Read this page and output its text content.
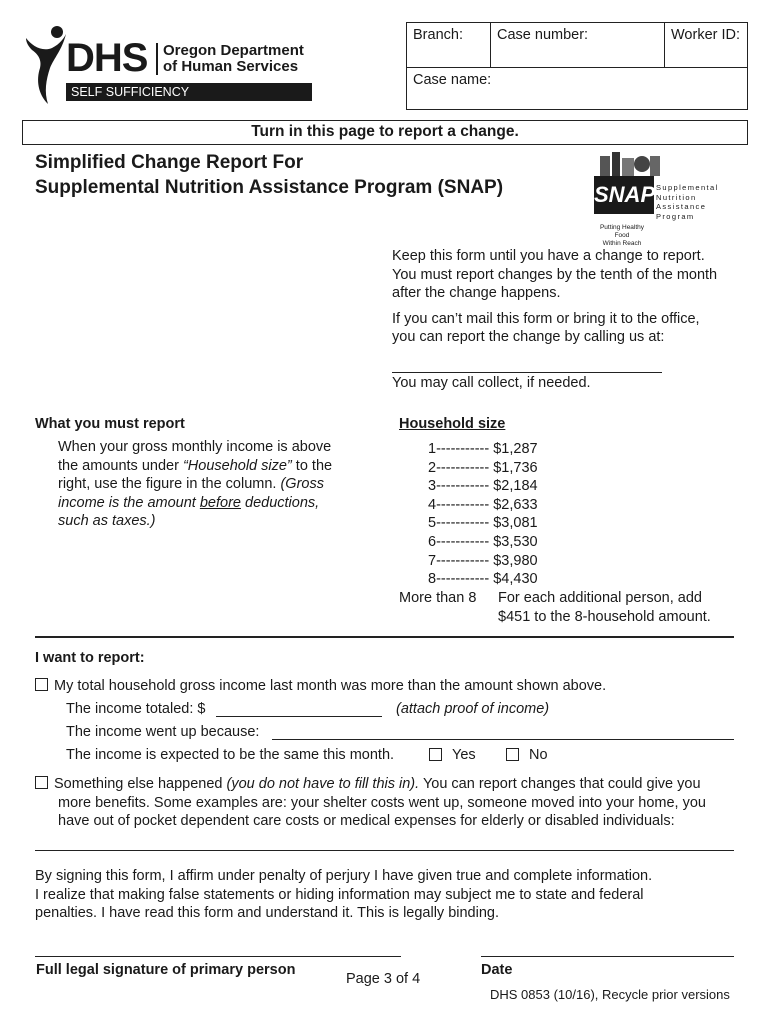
DHS Oregon Department
of Human Services
SELF SUFFICIENCY
Branch:	Case number:	Worker ID:
Case name:
Turn in this page to report a change.
Simplified Change Report For
Supplemental Nutrition Assistance Program (SNAP)	SNAP Supplemental
Nutrition
Assistance
Program
Putting Healthy Food
Within Reach
Keep this form until you have a change to report.
You must report changes by the tenth of the month
after the change happens.
If you can’t mail this form or bring it to the office,
you can report the change by calling us at:
You may call collect, if needed.
What you must report
When your gross monthly income is above
the amounts under “Household size” to the
right, use the figure in the column. (Gross
income is the amount before deductions,
such as taxes.)
Household size
1----------- $1,287
2----------- $1,736
3----------- $2,184
4----------- $2,633
5----------- $3,081
6----------- $3,530
7----------- $3,980
8----------- $4,430
More than 8 For each additional person, add
$451 to the 8-household amount.
I want to report:
My total household gross income last month was more than the amount shown above.
The income totaled: $	(attach proof of income)
The income went up because:
The income is expected to be the same this month.	Yes	No
Something else happened (you do not have to fill this in). You can report changes that could give you
more benefits. Some examples are: your shelter costs went up, someone moved into your home, you
have out of pocket dependent care costs or medical expenses for elderly or disabled individuals:
By signing this form, I affirm under penalty of perjury I have given true and complete information.
I realize that making false statements or hiding information may subject me to state and federal
penalties. I have read this form and understand it. This is legally binding.
Full legal signature of primary person
Page 3 of 4
Date
DHS 0853 (10/16), Recycle prior versions
